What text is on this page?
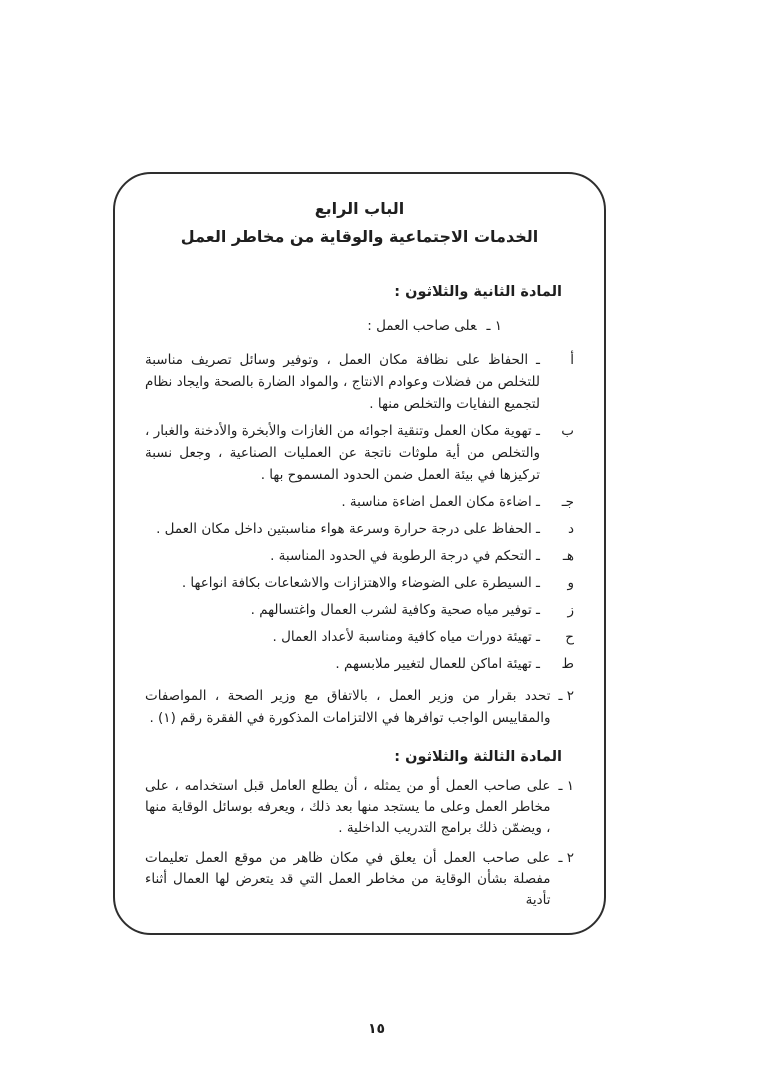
الباب الرابع
الخدمات الاجتماعية والوقاية من مخاطر العمل
المادة الثانية والثلاثون :
١ ـعلى صاحب العمل :
أ
ـ الحفاظ على نظافة مكان العمل ، وتوفير وسائل تصريف مناسبة للتخلص من فضلات وعوادم الانتاج ، والمواد الضارة بالصحة وايجاد نظام لتجميع النفايات والتخلص منها .
ب
ـ تهوية مكان العمل وتنقية اجوائه من الغازات والأبخرة والأدخنة والغبار ، والتخلص من أية ملوثات ناتجة عن العمليات الصناعية ، وجعل نسبة تركيزها في بيئة العمل ضمن الحدود المسموح بها .
جـ
ـ اضاءة مكان العمل اضاءة مناسبة .
د
ـ الحفاظ على درجة حرارة وسرعة هواء مناسبتين داخل مكان العمل .
هـ
ـ التحكم في درجة الرطوبة في الحدود المناسبة .
و
ـ السيطرة على الضوضاء والاهتزازات والاشعاعات بكافة انواعها .
ز
ـ توفير مياه صحية وكافية لشرب العمال واغتسالهم .
ح
ـ تهيئة دورات مياه كافية ومناسبة لأعداد العمال .
ط
ـ تهيئة اماكن للعمال لتغيير ملابسهم .
٢ ـ
تحدد بقرار من وزير العمل ، بالاتفاق مع وزير الصحة ، المواصفات والمقاييس الواجب توافرها في الالتزامات المذكورة في الفقرة رقم (١) .
المادة الثالثة والثلاثون :
١ ـ
على صاحب العمل أو من يمثله ، أن يطلع العامل قبل استخدامه ، على مخاطر العمل وعلى ما يستجد منها بعد ذلك ، ويعرفه بوسائل الوقاية منها ، ويضمّن ذلك برامج التدريب الداخلية .
٢ ـ
على صاحب العمل أن يعلق في مكان ظاهر من موقع العمل تعليمات مفصلة بشأن الوقاية من مخاطر العمل التي قد يتعرض لها العمال أثناء تأدية
١٥
